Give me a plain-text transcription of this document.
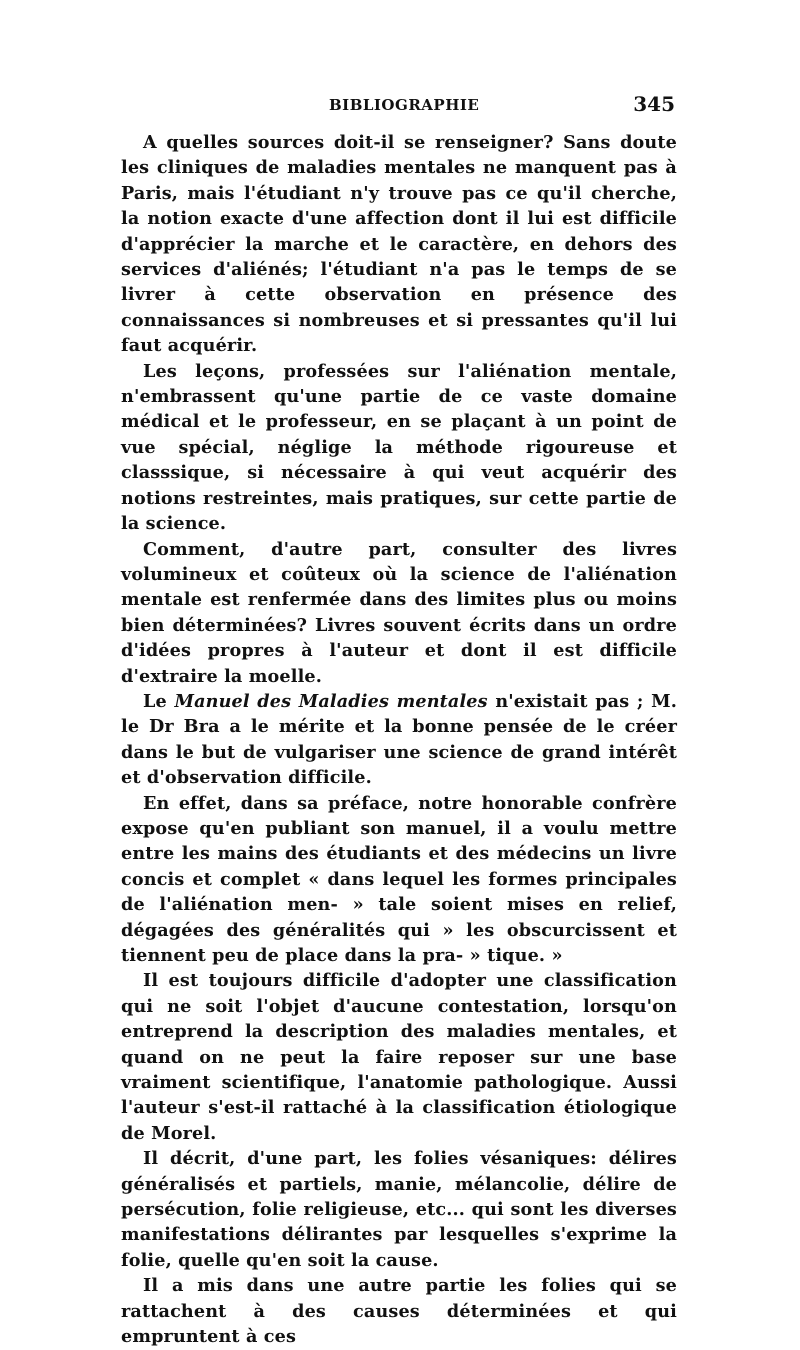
BIBLIOGRAPHIE	345

A quelles sources doit-il se renseigner? Sans doute les cliniques de maladies mentales ne manquent pas à Paris, mais l'étudiant n'y trouve pas ce qu'il cherche, la notion exacte d'une affection dont il lui est difficile d'apprécier la marche et le caractère, en dehors des services d'aliénés; l'étudiant n'a pas le temps de se livrer à cette observation en présence des connaissances si nombreuses et si pressantes qu'il lui faut acquérir.

Les leçons, professées sur l'aliénation mentale, n'embrassent qu'une partie de ce vaste domaine médical et le professeur, en se plaçant à un point de vue spécial, néglige la méthode rigoureuse et classsique, si nécessaire à qui veut acquérir des notions restreintes, mais pratiques, sur cette partie de la science.

Comment, d'autre part, consulter des livres volumineux et coûteux où la science de l'aliénation mentale est renfermée dans des limites plus ou moins bien déterminées? Livres souvent écrits dans un ordre d'idées propres à l'auteur et dont il est difficile d'extraire la moelle.

Le Manuel des Maladies mentales n'existait pas ; M. le Dr Bra a le mérite et la bonne pensée de le créer dans le but de vulgariser une science de grand intérêt et d'observation difficile.

En effet, dans sa préface, notre honorable confrère expose qu'en publiant son manuel, il a voulu mettre entre les mains des étudiants et des médecins un livre concis et complet « dans lequel les formes principales de l'aliénation men- » tale soient mises en relief, dégagées des généralités qui » les obscurcissent et tiennent peu de place dans la pra- » tique. »

Il est toujours difficile d'adopter une classification qui ne soit l'objet d'aucune contestation, lorsqu'on entreprend la description des maladies mentales, et quand on ne peut la faire reposer sur une base vraiment scientifique, l'anatomie pathologique. Aussi l'auteur s'est-il rattaché à la classification étiologique de Morel.

Il décrit, d'une part, les folies vésaniques: délires généralisés et partiels, manie, mélancolie, délire de persécution, folie religieuse, etc... qui sont les diverses manifestations délirantes par lesquelles s'exprime la folie, quelle qu'en soit la cause.

Il a mis dans une autre partie les folies qui se rattachent à des causes déterminées et qui empruntent à ces
